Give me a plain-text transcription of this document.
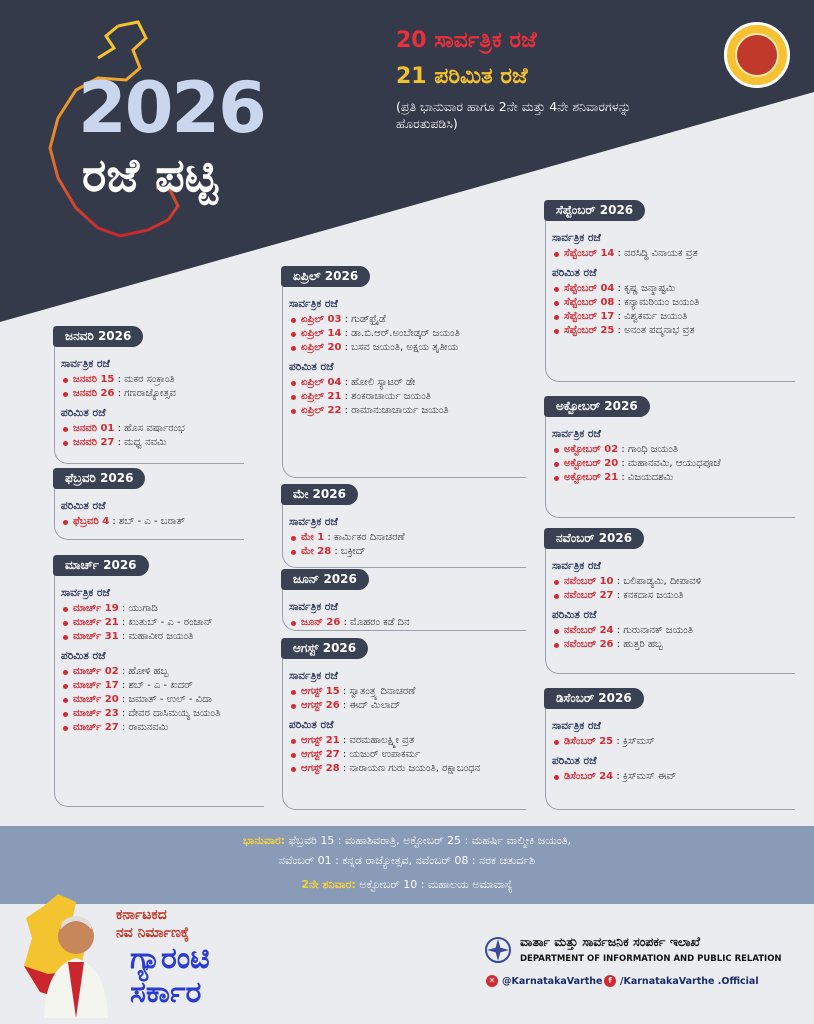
2026
ರಜೆ ಪಟ್ಟಿ
20 ಸಾರ್ವತ್ರಿಕ ರಜೆ
21 ಪರಿಮಿತ ರಜೆ
(ಪ್ರತಿ ಭಾನುವಾರ ಹಾಗೂ 2ನೇ ಮತ್ತು 4ನೇ ಶನಿವಾರಗಳನ್ನು ಹೊರತುಪಡಿಸಿ)
ಜನವರಿ 2026
ಸಾರ್ವತ್ರಿಕ ರಜೆ
ಜನವರಿ 15 : ಮಕರ ಸಂಕ್ರಾಂತಿ
ಜನವರಿ 26 : ಗಣರಾಜ್ಯೋತ್ಸವ
ಪರಿಮಿತ ರಜೆ
ಜನವರಿ 01 : ಹೊಸ ವರ್ಷಾರಂಭ
ಜನವರಿ 27 : ಮಧ್ವ ನವಮಿ
ಫೆಬ್ರವರಿ 2026
ಪರಿಮಿತ ರಜೆ
ಫೆಬ್ರವರಿ 4 : ಶಬ್ - ಎ - ಬರಾತ್
ಮಾರ್ಚ್ 2026
ಸಾರ್ವತ್ರಿಕ ರಜೆ
ಮಾರ್ಚ್ 19 : ಯುಗಾದಿ
ಮಾರ್ಚ್ 21 : ಖುತುಬ್ - ಎ - ರಂಜಾನ್
ಮಾರ್ಚ್ 31 : ಮಹಾವೀರ ಜಯಂತಿ
ಪರಿಮಿತ ರಜೆ
ಮಾರ್ಚ್ 02 : ಹೋಳಿ ಹಬ್ಬ
ಮಾರ್ಚ್ 17 : ಶಬ್ - ಎ - ಖದರ್
ಮಾರ್ಚ್ 20 : ಜಮಾತ್ - ಉಲ್ - ವಿದಾ
ಮಾರ್ಚ್ 23 : ದೇವರ ದಾಸಿಮಯ್ಯ ಜಯಂತಿ
ಮಾರ್ಚ್ 27 : ರಾಮನವಮಿ
ಏಪ್ರಿಲ್ 2026
ಸಾರ್ವತ್ರಿಕ ರಜೆ
ಏಪ್ರಿಲ್ 03 : ಗುಡ್‌ಫ್ರೈಡೆ
ಏಪ್ರಿಲ್ 14 : ಡಾ.ಬಿ.ಆರ್.ಅಂಬೇಡ್ಕರ್ ಜಯಂತಿ
ಏಪ್ರಿಲ್ 20 : ಬಸವ ಜಯಂತಿ, ಅಕ್ಷಯ ತೃತೀಯ
ಪರಿಮಿತ ರಜೆ
ಏಪ್ರಿಲ್ 04 : ಹೋಲಿ ಸ್ಯಾಟರ್ ಡೇ
ಏಪ್ರಿಲ್ 21 : ಶಂಕರಾಚಾರ್ಯ ಜಯಂತಿ
ಏಪ್ರಿಲ್ 22 : ರಾಮಾನುಜಾಚಾರ್ಯ ಜಯಂತಿ
ಮೇ 2026
ಸಾರ್ವತ್ರಿಕ ರಜೆ
ಮೇ 1 : ಕಾರ್ಮಿಕರ ದಿನಾಚರಣೆ
ಮೇ 28 : ಬಕ್ರೀದ್
ಜೂನ್ 2026
ಸಾರ್ವತ್ರಿಕ ರಜೆ
ಜೂನ್ 26 : ಮೊಹರಂ ಕಡೆ ದಿನ
ಆಗಸ್ಟ್ 2026
ಸಾರ್ವತ್ರಿಕ ರಜೆ
ಆಗಸ್ಟ್ 15 : ಸ್ವಾತಂತ್ರ್ಯ ದಿನಾಚರಣೆ
ಆಗಸ್ಟ್ 26 : ಈದ್ ಮಿಲಾದ್
ಪರಿಮಿತ ರಜೆ
ಆಗಸ್ಟ್ 21 : ವರಮಹಾಲಕ್ಷ್ಮೀ ವ್ರತ
ಆಗಸ್ಟ್ 27 : ಯಜುರ್ ಉಪಾಕರ್ಮ
ಆಗಸ್ಟ್ 28 : ನಾರಾಯಣ ಗುರು ಜಯಂತಿ, ರಕ್ಷಾಬಂಧನ
ಸೆಪ್ಟೆಂಬರ್ 2026
ಸಾರ್ವತ್ರಿಕ ರಜೆ
ಸೆಪ್ಟೆಂಬರ್ 14 : ವರಸಿದ್ಧಿ ವಿನಾಯಕ ವ್ರತ
ಪರಿಮಿತ ರಜೆ
ಸೆಪ್ಟೆಂಬರ್ 04 : ಕೃಷ್ಣ ಜನ್ಮಾಷ್ಟಮಿ
ಸೆಪ್ಟೆಂಬರ್ 08 : ಕನ್ಯಾಮರಿಯಂ ಜಯಂತಿ
ಸೆಪ್ಟೆಂಬರ್ 17 : ವಿಶ್ವಕರ್ಮ ಜಯಂತಿ
ಸೆಪ್ಟೆಂಬರ್ 25 : ಅನಂತ ಪದ್ಮನಾಭ ವ್ರತ
ಅಕ್ಟೋಬರ್ 2026
ಸಾರ್ವತ್ರಿಕ ರಜೆ
ಅಕ್ಟೋಬರ್ 02 : ಗಾಂಧಿ ಜಯಂತಿ
ಅಕ್ಟೋಬರ್ 20 : ಮಹಾನವಮಿ, ಆಯುಧಪೂಜೆ
ಅಕ್ಟೋಬರ್ 21 : ವಿಜಯದಶಮಿ
ನವೆಂಬರ್ 2026
ಸಾರ್ವತ್ರಿಕ ರಜೆ
ನವೆಂಬರ್ 10 : ಬಲಿಪಾಡ್ಯಮಿ, ದೀಪಾವಳಿ
ನವೆಂಬರ್ 27 : ಕನಕದಾಸ ಜಯಂತಿ
ಪರಿಮಿತ ರಜೆ
ನವೆಂಬರ್ 24 : ಗುರುನಾನಕ್ ಜಯಂತಿ
ನವೆಂಬರ್ 26 : ಹುತ್ತರಿ ಹಬ್ಬ
ಡಿಸೆಂಬರ್ 2026
ಸಾರ್ವತ್ರಿಕ ರಜೆ
ಡಿಸೆಂಬರ್ 25 : ಕ್ರಿಸ್‌ಮಸ್
ಪರಿಮಿತ ರಜೆ
ಡಿಸೆಂಬರ್ 24 : ಕ್ರಿಸ್‌ಮಸ್ ಈವ್
ಭಾನುವಾರ: ಫೆಬ್ರವರಿ 15 : ಮಹಾಶಿವರಾತ್ರಿ, ಅಕ್ಟೋಬರ್ 25 : ಮಹರ್ಷಿ ವಾಲ್ಮೀಕಿ ಜಯಂತಿ,
ನವೆಂಬರ್ 01 : ಕನ್ನಡ ರಾಜ್ಯೋತ್ಸವ, ನವೆಂಬರ್ 08 : ನರಕ ಚತುರ್ದಶಿ
2ನೇ ಶನಿವಾರ: ಅಕ್ಟೋಬರ್ 10 : ಮಹಾಲಯ ಅಮಾವಾಸ್ಯೆ
ಕರ್ನಾಟಕದ
ನವ ನಿರ್ಮಾಣಕ್ಕೆ
ಗ್ಯಾರಂಟಿ
ಸರ್ಕಾರ
ವಾರ್ತಾ ಮತ್ತು ಸಾರ್ವಜನಿಕ ಸಂಪರ್ಕ ಇಲಾಖೆ
DEPARTMENT OF INFORMATION AND PUBLIC RELATION
✕ @KarnatakaVarthe f /KarnatakaVarthe .Official
